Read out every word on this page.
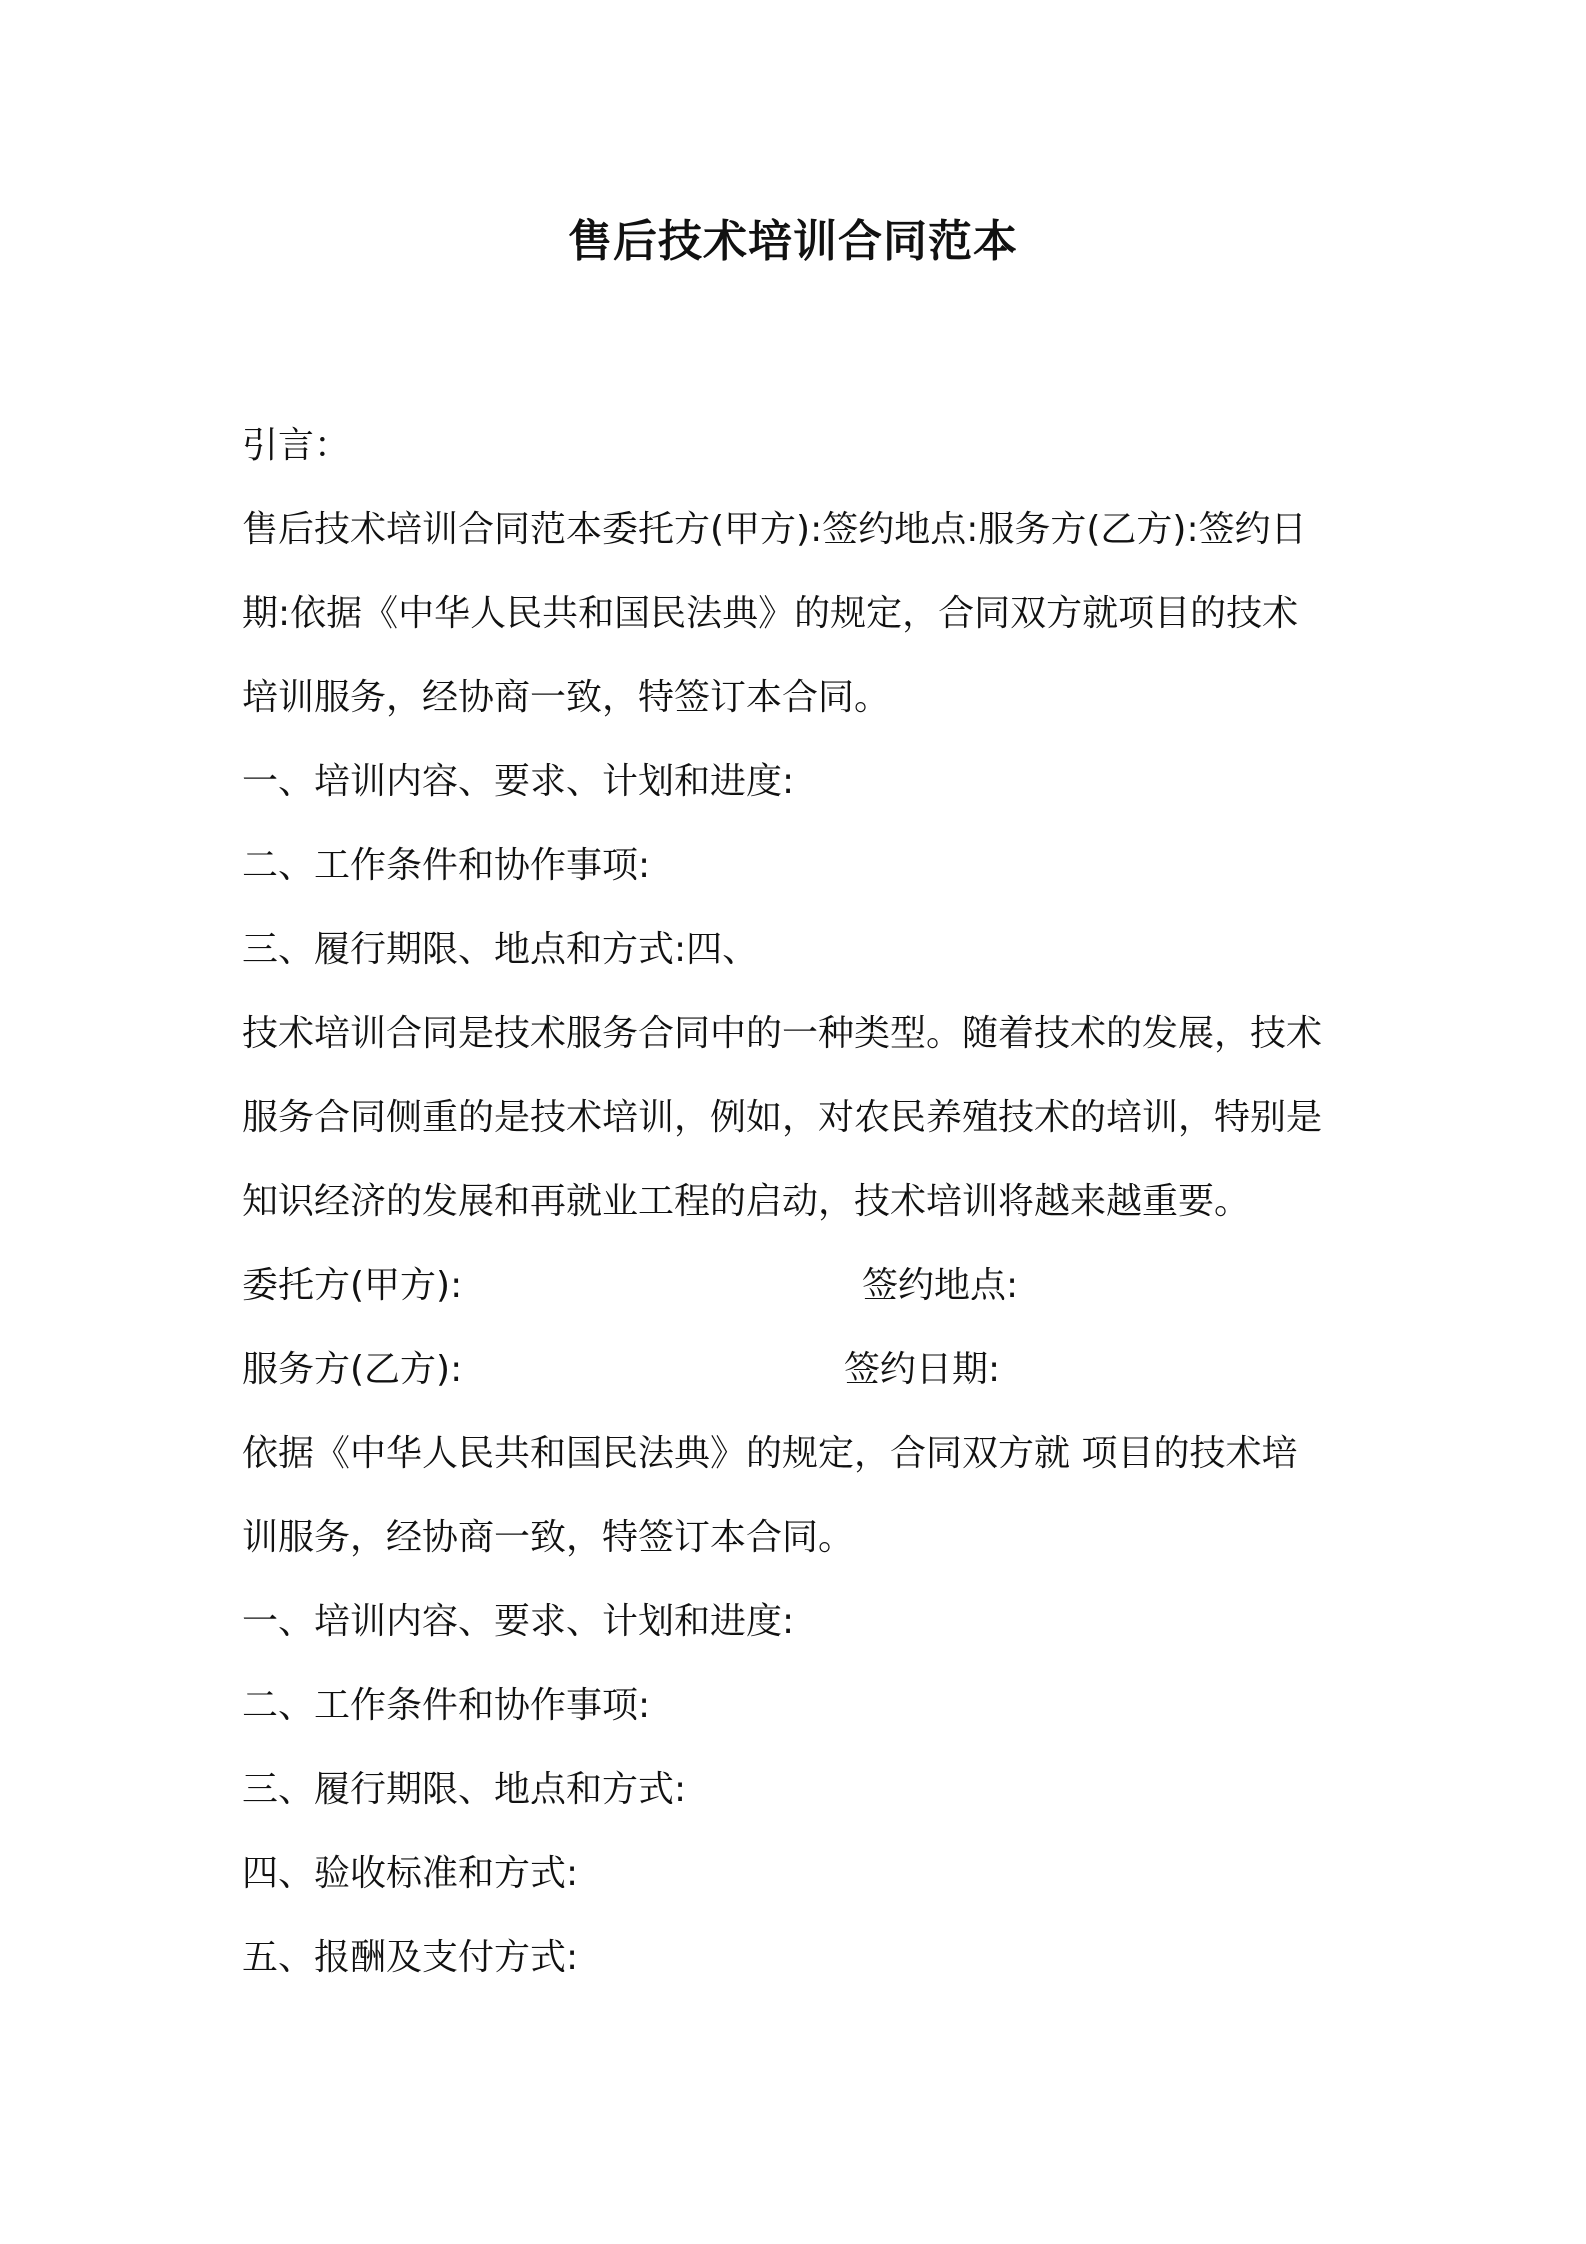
售后技术培训合同范本
引言：
售后技术培训合同范本委托方(甲方):签约地点:服务方(乙方):签约日
期:依据《中华人民共和国民法典》的规定，合同双方就项目的技术
培训服务，经协商一致，特签订本合同。
一、培训内容、要求、计划和进度:
二、工作条件和协作事项:
三、履行期限、地点和方式:四、
技术培训合同是技术服务合同中的一种类型。随着技术的发展，技术
服务合同侧重的是技术培训，例如，对农民养殖技术的培训，特别是
知识经济的发展和再就业工程的启动，技术培训将越来越重要。
委托方(甲方):	签约地点:
服务方(乙方):	签约日期:
依据《中华人民共和国民法典》的规定，合同双方就 项目的技术培
训服务，经协商一致，特签订本合同。
一、培训内容、要求、计划和进度:
二、工作条件和协作事项:
三、履行期限、地点和方式:
四、验收标准和方式:
五、报酬及支付方式:
